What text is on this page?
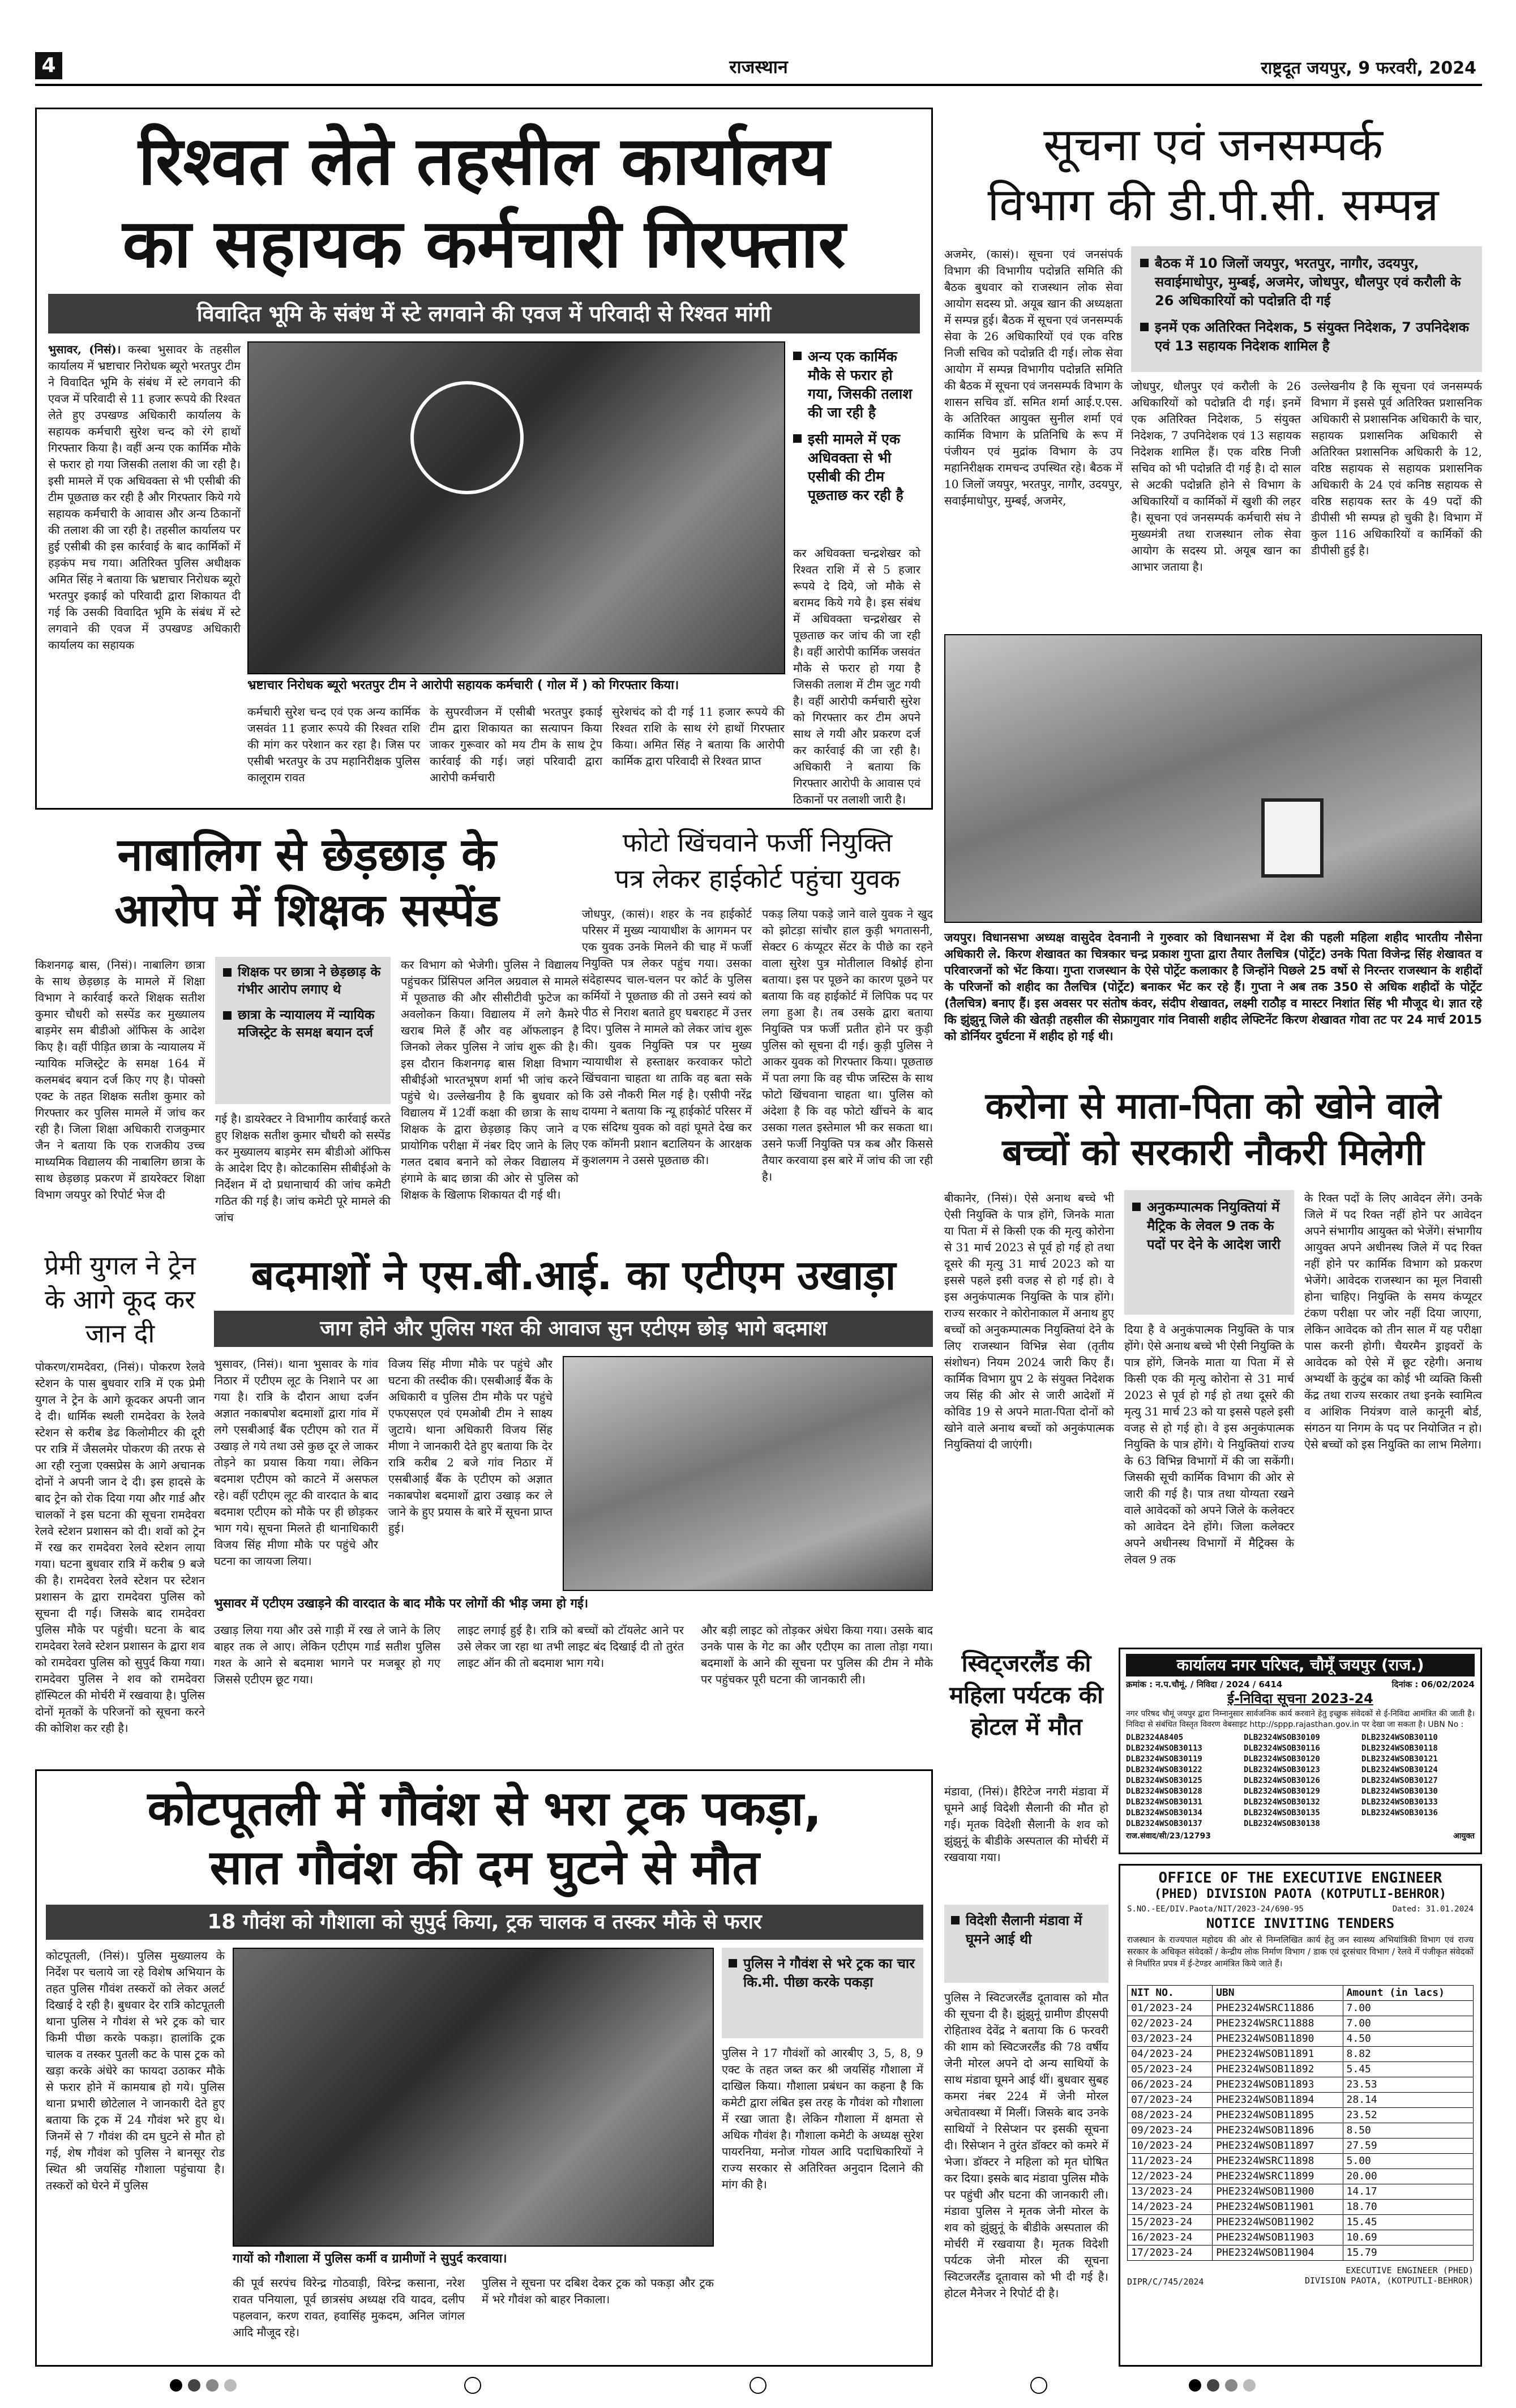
4	राजस्थान	राष्ट्रदूत जयपुर, 9 फरवरी, 2024
रिश्वत लेते तहसील कार्यालय
का सहायक कर्मचारी गिरफ्तार
विवादित भूमि के संबंध में स्टे लगवाने की एवज में परिवादी से रिश्वत मांगी
भुसावर, (निसं)। कस्बा भुसावर के तहसील कार्यालय में भ्रष्टाचार निरोधक ब्यूरो भरतपुर टीम ने विवादित भूमि के संबंध में स्टे लगवाने की एवज में परिवादी से 11 हजार रूपये की रिश्वत लेते हुए उपखण्ड अधिकारी कार्यालय के सहायक कर्मचारी सुरेश चन्द को रंगे हाथों गिरफ्तार किया है। वहीं अन्य एक कार्मिक मौके से फरार हो गया जिसकी तलाश की जा रही है। इसी मामले में एक अधिवक्ता से भी एसीबी की टीम पूछताछ कर रही है और गिरफ्तार किये गये सहायक कर्मचारी के आवास और अन्य ठिकानों की तलाश की जा रही है। तहसील कार्यालय पर हुई एसीबी की इस कार्रवाई के बाद कार्मिकों में हड़कंप मच गया। अतिरिक्त पुलिस अधीक्षक अमित सिंह ने बताया कि भ्रष्टाचार निरोधक ब्यूरो भरतपुर इकाई को परिवादी द्वारा शिकायत दी गई कि उसकी विवादित भूमि के संबंध में स्टे लगवाने की एवज में उपखण्ड अधिकारी कार्यालय का सहायक
भ्रष्टाचार निरोधक ब्यूरो भरतपुर टीम ने आरोपी सहायक कर्मचारी ( गोल में ) को गिरफ्तार किया।
अन्य एक कार्मिक मौके से फरार हो गया, जिसकी तलाश की जा रही है
इसी मामले में एक अधिवक्ता से भी एसीबी की टीम पूछताछ कर रही है
कर अधिवक्ता चन्द्रशेखर को रिश्वत राशि में से 5 हजार रूपये दे दिये, जो मौके से बरामद किये गये है। इस संबंध में अधिवक्ता चन्द्रशेखर से पूछताछ कर जांच की जा रही है। वहीं आरोपी कार्मिक जसवंत मौके से फरार हो गया है जिसकी तलाश में टीम जुट गयी है। वहीं आरोपी कर्मचारी सुरेश को गिरफ्तार कर टीम अपने साथ ले गयी और प्रकरण दर्ज कर कार्रवाई की जा रही है। अधिकारी ने बताया कि गिरफ्तार आरोपी के आवास एवं ठिकानों पर तलाशी जारी है।
कर्मचारी सुरेश चन्द एवं एक अन्य कार्मिक जसवंत 11 हजार रूपये की रिश्वत राशि की मांग कर परेशान कर रहा है। जिस पर एसीबी भरतपुर के उप महानिरीक्षक पुलिस कालूराम रावत
के सुपरवीजन में एसीबी भरतपुर इकाई टीम द्वारा शिकायत का सत्यापन किया जाकर गुरूवार को मय टीम के साथ ट्रेप कार्रवाई की गई। जहां परिवादी द्वारा आरोपी कर्मचारी
सुरेशचंद को दी गई 11 हजार रूपये की रिश्वत राशि के साथ रंगे हाथों गिरफ्तार किया। अमित सिंह ने बताया कि आरोपी कार्मिक द्वारा परिवादी से रिश्वत प्राप्त
सूचना एवं जनसम्पर्क
विभाग की डी.पी.सी. सम्पन्न
अजमेर, (कासं)। सूचना एवं जनसंपर्क विभाग की विभागीय पदोन्नति समिति की बैठक बुधवार को राजस्थान लोक सेवा आयोग सदस्य प्रो. अयूब खान की अध्यक्षता में सम्पन्न हुई। बैठक में सूचना एवं जनसम्पर्क सेवा के 26 अधिकारियों एवं एक वरिष्ठ निजी सचिव को पदोन्नति दी गई। लोक सेवा आयोग में सम्पन्न विभागीय पदोन्नति समिति की बैठक में सूचना एवं जनसम्पर्क विभाग के शासन सचिव डॉ. समित शर्मा आई.ए.एस. के अतिरिक्त आयुक्त सुनील शर्मा एवं कार्मिक विभाग के प्रतिनिधि के रूप में पंजीयन एवं मुद्रांक विभाग के उप महानिरीक्षक रामचन्द उपस्थित रहे। बैठक में 10 जिलों जयपुर, भरतपुर, नागौर, उदयपुर, सवाईमाधोपुर, मुम्बई, अजमेर,
बैठक में 10 जिलों जयपुर, भरतपुर, नागौर, उदयपुर, सवाईमाधोपुर, मुम्बई, अजमेर, जोधपुर, धौलपुर एवं करौली के 26 अधिकारियों को पदोन्नति दी गई
इनमें एक अतिरिक्त निदेशक, 5 संयुक्त निदेशक, 7 उपनिदेशक एवं 13 सहायक निदेशक शामिल है
जोधपुर, धौलपुर एवं करौली के 26 अधिकारियों को पदोन्नति दी गई। इनमें एक अतिरिक्त निदेशक, 5 संयुक्त निदेशक, 7 उपनिदेशक एवं 13 सहायक निदेशक शामिल हैं। एक वरिष्ठ निजी सचिव को भी पदोन्नति दी गई है। दो साल से अटकी पदोन्नति होने से विभाग के अधिकारियों व कार्मिकों में खुशी की लहर है। सूचना एवं जनसम्पर्क कर्मचारी संघ ने मुख्यमंत्री तथा राजस्थान लोक सेवा आयोग के सदस्य प्रो. अयूब खान का आभार जताया है।
उल्लेखनीय है कि सूचना एवं जनसम्पर्क विभाग में इससे पूर्व अतिरिक्त प्रशासनिक अधिकारी से प्रशासनिक अधिकारी के चार, सहायक प्रशासनिक अधिकारी से अतिरिक्त प्रशासनिक अधिकारी के 12, वरिष्ठ सहायक से सहायक प्रशासनिक अधिकारी के 24 एवं कनिष्ठ सहायक से वरिष्ठ सहायक स्तर के 49 पदों की डीपीसी भी सम्पन्न हो चुकी है। विभाग में कुल 116 अधिकारियों व कार्मिकों की डीपीसी हुई है।
जयपुर। विधानसभा अध्यक्ष वासुदेव देवनानी ने गुरुवार को विधानसभा में देश की पहली महिला शहीद भारतीय नौसेना अधिकारी ले. किरण शेखावत का चित्रकार चन्द्र प्रकाश गुप्ता द्वारा तैयार तैलचित्र (पोर्ट्रेट) उनके पिता विजेन्द्र सिंह शेखावत व परिवारजनों को भेंट किया। गुप्ता राजस्थान के ऐसे पोर्ट्रेट कलाकार है जिन्होंने पिछले 25 वर्षो से निरन्तर राजस्थान के शहीदों के परिजनों को शहीद का तैलचित्र (पोर्ट्रेट) बनाकर भेंट कर रहे हैं। गुप्ता ने अब तक 350 से अधिक शहीदों के पोर्ट्रेट (तैलचित्र) बनाए हैं। इस अवसर पर संतोष कंवर, संदीप शेखावत, लक्ष्मी राठौड़ व मास्टर निशांत सिंह भी मौजूद थे। ज्ञात रहे कि झुंझुनू जिले की खेतड़ी तहसील की सेफ्रागुवार गांव निवासी शहीद लेफ्टिनेंट किरण शेखावत गोवा तट पर 24 मार्च 2015 को डोर्नियर दुर्घटना में शहीद हो गई थी।
नाबालिग से छेड़छाड़ के
आरोप में शिक्षक सस्पेंड
किशनगढ़ बास, (निसं)। नाबालिग छात्रा के साथ छेड़छाड़ के मामले में शिक्षा विभाग ने कार्रवाई करते शिक्षक सतीश कुमार चौधरी को सस्पेंड कर मुख्यालय बाड़मेर सम बीडीओ ऑफिस के आदेश किए है। वहीं पीड़ित छात्रा के न्यायालय में न्यायिक मजिस्ट्रेट के समक्ष 164 में कलमबंद बयान दर्ज किए गए है। पोक्सो एक्ट के तहत शिक्षक सतीश कुमार को गिरफ्तार कर पुलिस मामले में जांच कर रही है। जिला शिक्षा अधिकारी राजकुमार जैन ने बताया कि एक राजकीय उच्च माध्यमिक विद्यालय की नाबालिग छात्रा के साथ छेड़छाड़ प्रकरण में डायरेक्टर शिक्षा विभाग जयपुर को रिपोर्ट भेज दी
शिक्षक पर छात्रा ने छेड़छाड़ के गंभीर आरोप लगाए थे
छात्रा के न्यायालय में न्यायिक मजिस्ट्रेट के समक्ष बयान दर्ज
गई है। डायरेक्टर ने विभागीय कार्रवाई करते हुए शिक्षक सतीश कुमार चौधरी को सस्पेंड कर मुख्यालय बाड़मेर सम बीडीओ ऑफिस के आदेश दिए है। कोटकासिम सीबीईओ के निर्देशन में दो प्रधानाचार्य की जांच कमेटी गठित की गई है। जांच कमेटी पूरे मामले की जांच
कर विभाग को भेजेगी। पुलिस ने विद्यालय पहुंचकर प्रिंसिपल अनिल अग्रवाल से मामले में पूछताछ की और सीसीटीवी फुटेज का अवलोकन किया। विद्यालय में लगे कैमरे खराब मिले हैं और वह ऑफलाइन है जिनको लेकर पुलिस ने जांच शुरू की है। इस दौरान किशनगढ़ बास शिक्षा विभाग सीबीईओ भारतभूषण शर्मा भी जांच करने पहुंचे थे। उल्लेखनीय है कि बुधवार को विद्यालय में 12वीं कक्षा की छात्रा के साथ शिक्षक के द्वारा छेड़छाड़ किए जाने व प्रायोगिक परीक्षा में नंबर दिए जाने के लिए गलत दबाव बनाने को लेकर विद्यालय में हंगामे के बाद छात्रा की ओर से पुलिस को शिक्षक के खिलाफ शिकायत दी गई थी।
फोटो खिंचवाने फर्जी नियुक्ति
पत्र लेकर हाईकोर्ट पहुंचा युवक
जोधपुर, (कासं)। शहर के नव हाईकोर्ट परिसर में मुख्य न्यायाधीश के आगमन पर एक युवक उनके मिलने की चाह में फर्जी नियुक्ति पत्र लेकर पहुंच गया। उसका संदेहास्पद चाल-चलन पर कोर्ट के पुलिस कर्मियों ने पूछताछ की तो उसने स्वयं को पीठ से निराश बताते हुए घबराहट में उत्तर दिए। पुलिस ने मामले को लेकर जांच शुरू की। युवक नियुक्ति पत्र पर मुख्य न्यायाधीश से हस्ताक्षर करवाकर फोटो खिंचवाना चाहता था ताकि वह बता सके कि उसे नौकरी मिल गई है। एसीपी नरेंद्र दायमा ने बताया कि न्यू हाईकोर्ट परिसर में एक संदिग्ध युवक को वहां घूमते देख कर एक कॉमनी प्रशान बटालियन के आरक्षक कुशलगम ने उससे पूछताछ की।
पकड़ लिया पकड़े जाने वाले युवक ने खुद को झोटड़ा सांचौर हाल कुड़ी भगतासनी, सेक्टर 6 कंप्यूटर सेंटर के पीछे का रहने वाला सुरेश पुत्र मोतीलाल विश्नोई होना बताया। इस पर पूछने का कारण पूछने पर बताया कि वह हाईकोर्ट में लिपिक पद पर लगा हुआ है। तब उसके द्वारा बताया नियुक्ति पत्र फर्जी प्रतीत होने पर कुड़ी पुलिस को सूचना दी गई। कुड़ी पुलिस ने आकर युवक को गिरफ्तार किया। पूछताछ में पता लगा कि वह चीफ जस्टिस के साथ फोटो खिंचवाना चाहता था। पुलिस को अंदेशा है कि वह फोटो खींचने के बाद उसका गलत इस्तेमाल भी कर सकता था। उसने फर्जी नियुक्ति पत्र कब और किससे तैयार करवाया इस बारे में जांच की जा रही है।
करोना से माता-पिता को खोने वाले
बच्चों को सरकारी नौकरी मिलेगी
बीकानेर, (निसं)। ऐसे अनाथ बच्चे भी ऐसी नियुक्ति के पात्र होंगे, जिनके माता या पिता में से किसी एक की मृत्यु कोरोना से 31 मार्च 2023 से पूर्व हो गई हो तथा दूसरे की मृत्यु 31 मार्च 2023 को या इससे पहले इसी वजह से हो गई हो। वे इस अनुकंपात्मक नियुक्ति के पात्र होंगे। राज्य सरकार ने कोरोनाकाल में अनाथ हुए बच्चों को अनुकम्पात्मक नियुक्तियां देने के लिए राजस्थान विभिन्न सेवा (तृतीय संशोधन) नियम 2024 जारी किए हैं। कार्मिक विभाग ग्रुप 2 के संयुक्त निदेशक जय सिंह की ओर से जारी आदेशों में कोविड 19 से अपने माता-पिता दोनों को खोने वाले अनाथ बच्चों को अनुकंपात्मक नियुक्तियां दी जाएंगी।
अनुकम्पात्मक नियुक्तियां में मैट्रिक के लेवल 9 तक के पदों पर देने के आदेश जारी
दिया है वे अनुकंपात्मक नियुक्ति के पात्र होंगे। ऐसे अनाथ बच्चे भी ऐसी नियुक्ति के पात्र होंगे, जिनके माता या पिता में से किसी एक की मृत्यु कोरोना से 31 मार्च 2023 से पूर्व हो गई हो तथा दूसरे की मृत्यु 31 मार्च 23 को या इससे पहले इसी वजह से हो गई हो। वे इस अनुकंपात्मक नियुक्ति के पात्र होंगे। ये नियुक्तियां राज्य के 63 विभिन्न विभागों में की जा सकेंगी। जिसकी सूची कार्मिक विभाग की ओर से जारी की गई है। पात्र तथा योग्यता रखने वाले आवेदकों को अपने जिले के कलेक्टर को आवेदन देने होंगे। जिला कलेक्टर अपने अधीनस्थ विभागों में मैट्रिक्स के लेवल 9 तक
के रिक्त पदों के लिए आवेदन लेंगे। उनके जिले में पद रिक्त नहीं होने पर आवेदन अपने संभागीय आयुक्त को भेजेंगे। संभागीय आयुक्त अपने अधीनस्थ जिले में पद रिक्त नहीं होने पर कार्मिक विभाग को प्रकरण भेजेंगे। आवेदक राजस्थान का मूल निवासी होना चाहिए। नियुक्ति के समय कंप्यूटर टंकण परीक्षा पर जोर नहीं दिया जाएगा, लेकिन आवेदक को तीन साल में यह परीक्षा पास करनी होगी। चैयरमैन ड्राइवरों के आवेदक को ऐसे में छूट रहेगी। अनाथ अभ्यर्थी के कुटुंब का कोई भी व्यक्ति किसी केंद्र तथा राज्य सरकार तथा इनके स्वामित्व व आंशिक नियंत्रण वाले कानूनी बोर्ड, संगठन या निगम के पद पर नियोजित न हो। ऐसे बच्चों को इस नियुक्ति का लाभ मिलेगा।
प्रेमी युगल ने ट्रेन के आगे कूद कर जान दी
पोकरण/रामदेवरा, (निसं)। पोकरण रेलवे स्टेशन के पास बुधवार रात्रि में एक प्रेमी युगल ने ट्रेन के आगे कूदकर अपनी जान दे दी। धार्मिक स्थली रामदेवरा के रेलवे स्टेशन से करीब डेढ किलोमीटर की दूरी पर रात्रि में जैसलमेर पोकरण की तरफ से आ रही रनुजा एक्सप्रेस के आगे अचानक दोनों ने अपनी जान दे दी। इस हादसे के बाद ट्रेन को रोक दिया गया और गार्ड और चालकों ने इस घटना की सूचना रामदेवरा रेलवे स्टेशन प्रशासन को दी। शवों को ट्रेन में रख कर रामदेवरा रेलवे स्टेशन लाया गया। घटना बुधवार रात्रि में करीब 9 बजे की है। रामदेवरा रेलवे स्टेशन पर स्टेशन प्रशासन के द्वारा रामदेवरा पुलिस को सूचना दी गई। जिसके बाद रामदेवरा पुलिस मौके पर पहुंची। घटना के बाद रामदेवरा रेलवे स्टेशन प्रशासन के द्वारा शव को रामदेवरा पुलिस को सुपुर्द किया गया। रामदेवरा पुलिस ने शव को रामदेवरा हॉस्पिटल की मोर्चरी में रखवाया है। पुलिस दोनों मृतकों के परिजनों को सूचना करने की कोशिश कर रही है।
बदमाशों ने एस.बी.आई. का एटीएम उखाड़ा
जाग होने और पुलिस गश्त की आवाज सुन एटीएम छोड़ भागे बदमाश
भुसावर, (निसं)। थाना भुसावर के गांव निठार में एटीएम लूट के निशाने पर आ गया है। रात्रि के दौरान आधा दर्जन अज्ञात नकाबपोश बदमाशों द्वारा गांव में लगे एसबीआई बैंक एटीएम को रात में उखाड़ ले गये तथा उसे कुछ दूर ले जाकर तोड़ने का प्रयास किया गया। लेकिन बदमाश एटीएम को काटने में असफल रहे। वहीं एटीएम लूट की वारदात के बाद बदमाश एटीएम को मौके पर ही छोड़कर भाग गये। सूचना मिलते ही थानाधिकारी विजय सिंह मीणा मौके पर पहुंचे और घटना का जायजा लिया।
विजय सिंह मीणा मौके पर पहुंचे और घटना की तस्दीक की। एसबीआई बैंक के अधिकारी व पुलिस टीम मौके पर पहुंचे एफएसएल एवं एमओबी टीम ने साक्ष्य जुटाये। थाना अधिकारी विजय सिंह मीणा ने जानकारी देते हुए बताया कि देर रात्रि करीब 2 बजे गांव निठार में एसबीआई बैंक के एटीएम को अज्ञात नकाबपोश बदमाशों द्वारा उखाड़ कर ले जाने के हुए प्रयास के बारे में सूचना प्राप्त हुई।
भुसावर में एटीएम उखाड़ने की वारदात के बाद मौके पर लोगों की भीड़ जमा हो गई।
उखाड़ लिया गया और उसे गाड़ी में रख ले जाने के लिए बाहर तक ले आए। लेकिन एटीएम गार्ड सतीश पुलिस गश्त के आने से बदमाश भागने पर मजबूर हो गए जिससे एटीएम छूट गया।
लाइट लगाई हुई है। रात्रि को बच्चों को टॉयलेट आने पर उसे लेकर जा रहा था तभी लाइट बंद दिखाई दी तो तुरंत लाइट ऑन की तो बदमाश भाग गये।
और बड़ी लाइट को तोड़कर अंधेरा किया गया। उसके बाद उनके पास के गेट का और एटीएम का ताला तोड़ा गया। बदमाशों के आने की सूचना पर पुलिस की टीम ने मौके पर पहुंचकर पूरी घटना की जानकारी ली।
स्विट्जरलैंड की महिला पर्यटक की होटल में मौत
मंडावा, (निसं)। हैरिटेज नगरी मंडावा में घूमने आई विदेशी सैलानी की मौत हो गई। मृतक विदेशी सैलानी के शव को झुंझुनूं के बीडीके अस्पताल की मोर्चरी में रखवाया गया।
विदेशी सैलानी मंडावा में घूमने आई थी
पुलिस ने स्विटजरलैंड दूतावास को मौत की सूचना दी है। झुंझुनूं ग्रामीण डीएसपी रोहिताश्व देवेंद्र ने बताया कि 6 फरवरी की शाम को स्विटजरलैंड की 78 वर्षीय जेनी मोरल अपने दो अन्य साथियों के साथ मंडावा घूमने आई थीं। बुधवार सुबह कमरा नंबर 224 में जेनी मोरल अचेतावस्था में मिलीं। जिसके बाद उनके साथियों ने रिसेप्शन पर इसकी सूचना दी। रिसेप्शन ने तुरंत डॉक्टर को कमरे में भेजा। डॉक्टर ने महिला को मृत घोषित कर दिया। इसके बाद मंडावा पुलिस मौके पर पहुंची और घटना की जानकारी ली। मंडावा पुलिस ने मृतक जेनी मोरल के शव को झुंझुनूं के बीडीके अस्पताल की मोर्चरी में रखवाया है। मृतक विदेशी पर्यटक जेनी मोरल की सूचना स्विटजरलैंड दूतावास को भी दी गई है। होटल मैनेजर ने रिपोर्ट दी है।
कार्यालय नगर परिषद, चौमूँ जयपुर (राज.)
क्रमांक : न.प.चौमूं. / निविदा / 2024 / 6414	दिनांक : 06/02/2024
ई-निविदा सूचना 2023-24
नगर परिषद चौमूं जयपुर द्वारा निम्नानुसार सार्वजनिक कार्य करवाने हेतु इच्छुक संवेदकों से ई-निविदा आमंत्रित की जाती है। निविदा से संबंधित विस्तृत विवरण वेबसाइट http://sppp.rajasthan.gov.in पर देखा जा सकता है। UBN No :
DLB2324A8405	DLB2324WSOB30109	DLB2324WSOB30110
DLB2324WSOB30113	DLB2324WSOB30116	DLB2324WSOB30118
DLB2324WSOB30119	DLB2324WSOB30120	DLB2324WSOB30121
DLB2324WSOB30122	DLB2324WSOB30123	DLB2324WSOB30124
DLB2324WSOB30125	DLB2324WSOB30126	DLB2324WSOB30127
DLB2324WSOB30128	DLB2324WSOB30129	DLB2324WSOB30130
DLB2324WSOB30131	DLB2324WSOB30132	DLB2324WSOB30133
DLB2324WSOB30134	DLB2324WSOB30135	DLB2324WSOB30136
DLB2324WSOB30137	DLB2324WSOB30138
राज.संवाद/सी/23/12793	आयुक्त
OFFICE OF THE EXECUTIVE ENGINEER
(PHED) DIVISION PAOTA (KOTPUTLI-BEHROR)
S.NO.-EE/DIV.Paota/NIT/2023-24/690-95	Dated: 31.01.2024
NOTICE INVITING TENDERS
राजस्थान के राज्यपाल महोदय की ओर से निम्नलिखित कार्य हेतु जन स्वास्थ्य अभियांत्रिकी विभाग एवं राज्य सरकार के अधिकृत संवेदकों / केन्द्रीय लोक निर्माण विभाग / डाक एवं दूरसंचार विभाग / रेलवे में पंजीकृत संवेदकों से निर्धारित प्रपत्र में ई-टेण्डर आमंत्रित किये जाते हैं।
NIT NO.	UBN	Amount (in lacs)
01/2023-24	PHE2324WSRC11886	7.00
02/2023-24	PHE2324WSRC11888	7.00
03/2023-24	PHE2324WSOB11890	4.50
04/2023-24	PHE2324WSOB11891	8.82
05/2023-24	PHE2324WSOB11892	5.45
06/2023-24	PHE2324WSOB11893	23.53
07/2023-24	PHE2324WSOB11894	28.14
08/2023-24	PHE2324WSOB11895	23.52
09/2023-24	PHE2324WSOB11896	8.50
10/2023-24	PHE2324WSOB11897	27.59
11/2023-24	PHE2324WSRC11898	5.00
12/2023-24	PHE2324WSRC11899	20.00
13/2023-24	PHE2324WSOB11900	14.17
14/2023-24	PHE2324WSOB11901	18.70
15/2023-24	PHE2324WSOB11902	15.45
16/2023-24	PHE2324WSOB11903	10.69
17/2023-24	PHE2324WSOB11904	15.79
DIPR/C/745/2024
EXECUTIVE ENGINEER (PHED)
DIVISION PAOTA, (KOTPUTLI-BEHROR)
कोटपूतली में गौवंश से भरा ट्रक पकड़ा,
सात गौवंश की दम घुटने से मौत
18 गौवंश को गौशाला को सुपुर्द किया, ट्रक चालक व तस्कर मौके से फरार
कोटपूतली, (निसं)। पुलिस मुख्यालय के निर्देश पर चलाये जा रहे विशेष अभियान के तहत पुलिस गौवंश तस्करों को लेकर अलर्ट दिखाई दे रही है। बुधवार देर रात्रि कोटपूतली थाना पुलिस ने गौवंश से भरे ट्रक को चार किमी पीछा करके पकड़ा। हालांकि ट्रक चालक व तस्कर पुतली कट के पास ट्रक को खड़ा करके अंधेरे का फायदा उठाकर मौके से फरार होने में कामयाब हो गये। पुलिस थाना प्रभारी छोटेलाल ने जानकारी देते हुए बताया कि ट्रक में 24 गौवंश भरे हुए थे। जिनमें से 7 गौवंश की दम घुटने से मौत हो गई, शेष गौवंश को पुलिस ने बानसूर रोड स्थित श्री जयसिंह गौशाला पहुंचाया है। तस्करों को घेरने में पुलिस
गायों को गौशाला में पुलिस कर्मी व ग्रामीणों ने सुपुर्द करवाया।
पुलिस ने गौवंश से भरे ट्रक का चार कि.मी. पीछा करके पकड़ा
पुलिस ने 17 गौवंशों को आरबीए 3, 5, 8, 9 एक्ट के तहत जब्त कर श्री जयसिंह गौशाला में दाखिल किया। गौशाला प्रबंधन का कहना है कि कमेटी द्वारा लंबित इस तरह के गौवंश को गौशाला में रखा जाता है। लेकिन गौशाला में क्षमता से अधिक गौवंश है। गौशाला कमेटी के अध्यक्ष सुरेश पायरनिया, मनोज गोयल आदि पदाधिकारियों ने राज्य सरकार से अतिरिक्त अनुदान दिलाने की मांग की है।
की पूर्व सरपंच विरेन्द्र गोठवाड़ी, विरेन्द्र कसाना, नरेश रावत पनियाला, पूर्व छात्रसंघ अध्यक्ष रवि यादव, दलीप पहलवान, करण रावत, हवासिंह मुकदम, अनिल जांगल आदि मौजूद रहे।
पुलिस ने सूचना पर दबिश देकर ट्रक को पकड़ा और ट्रक में भरे गौवंश को बाहर निकाला।
